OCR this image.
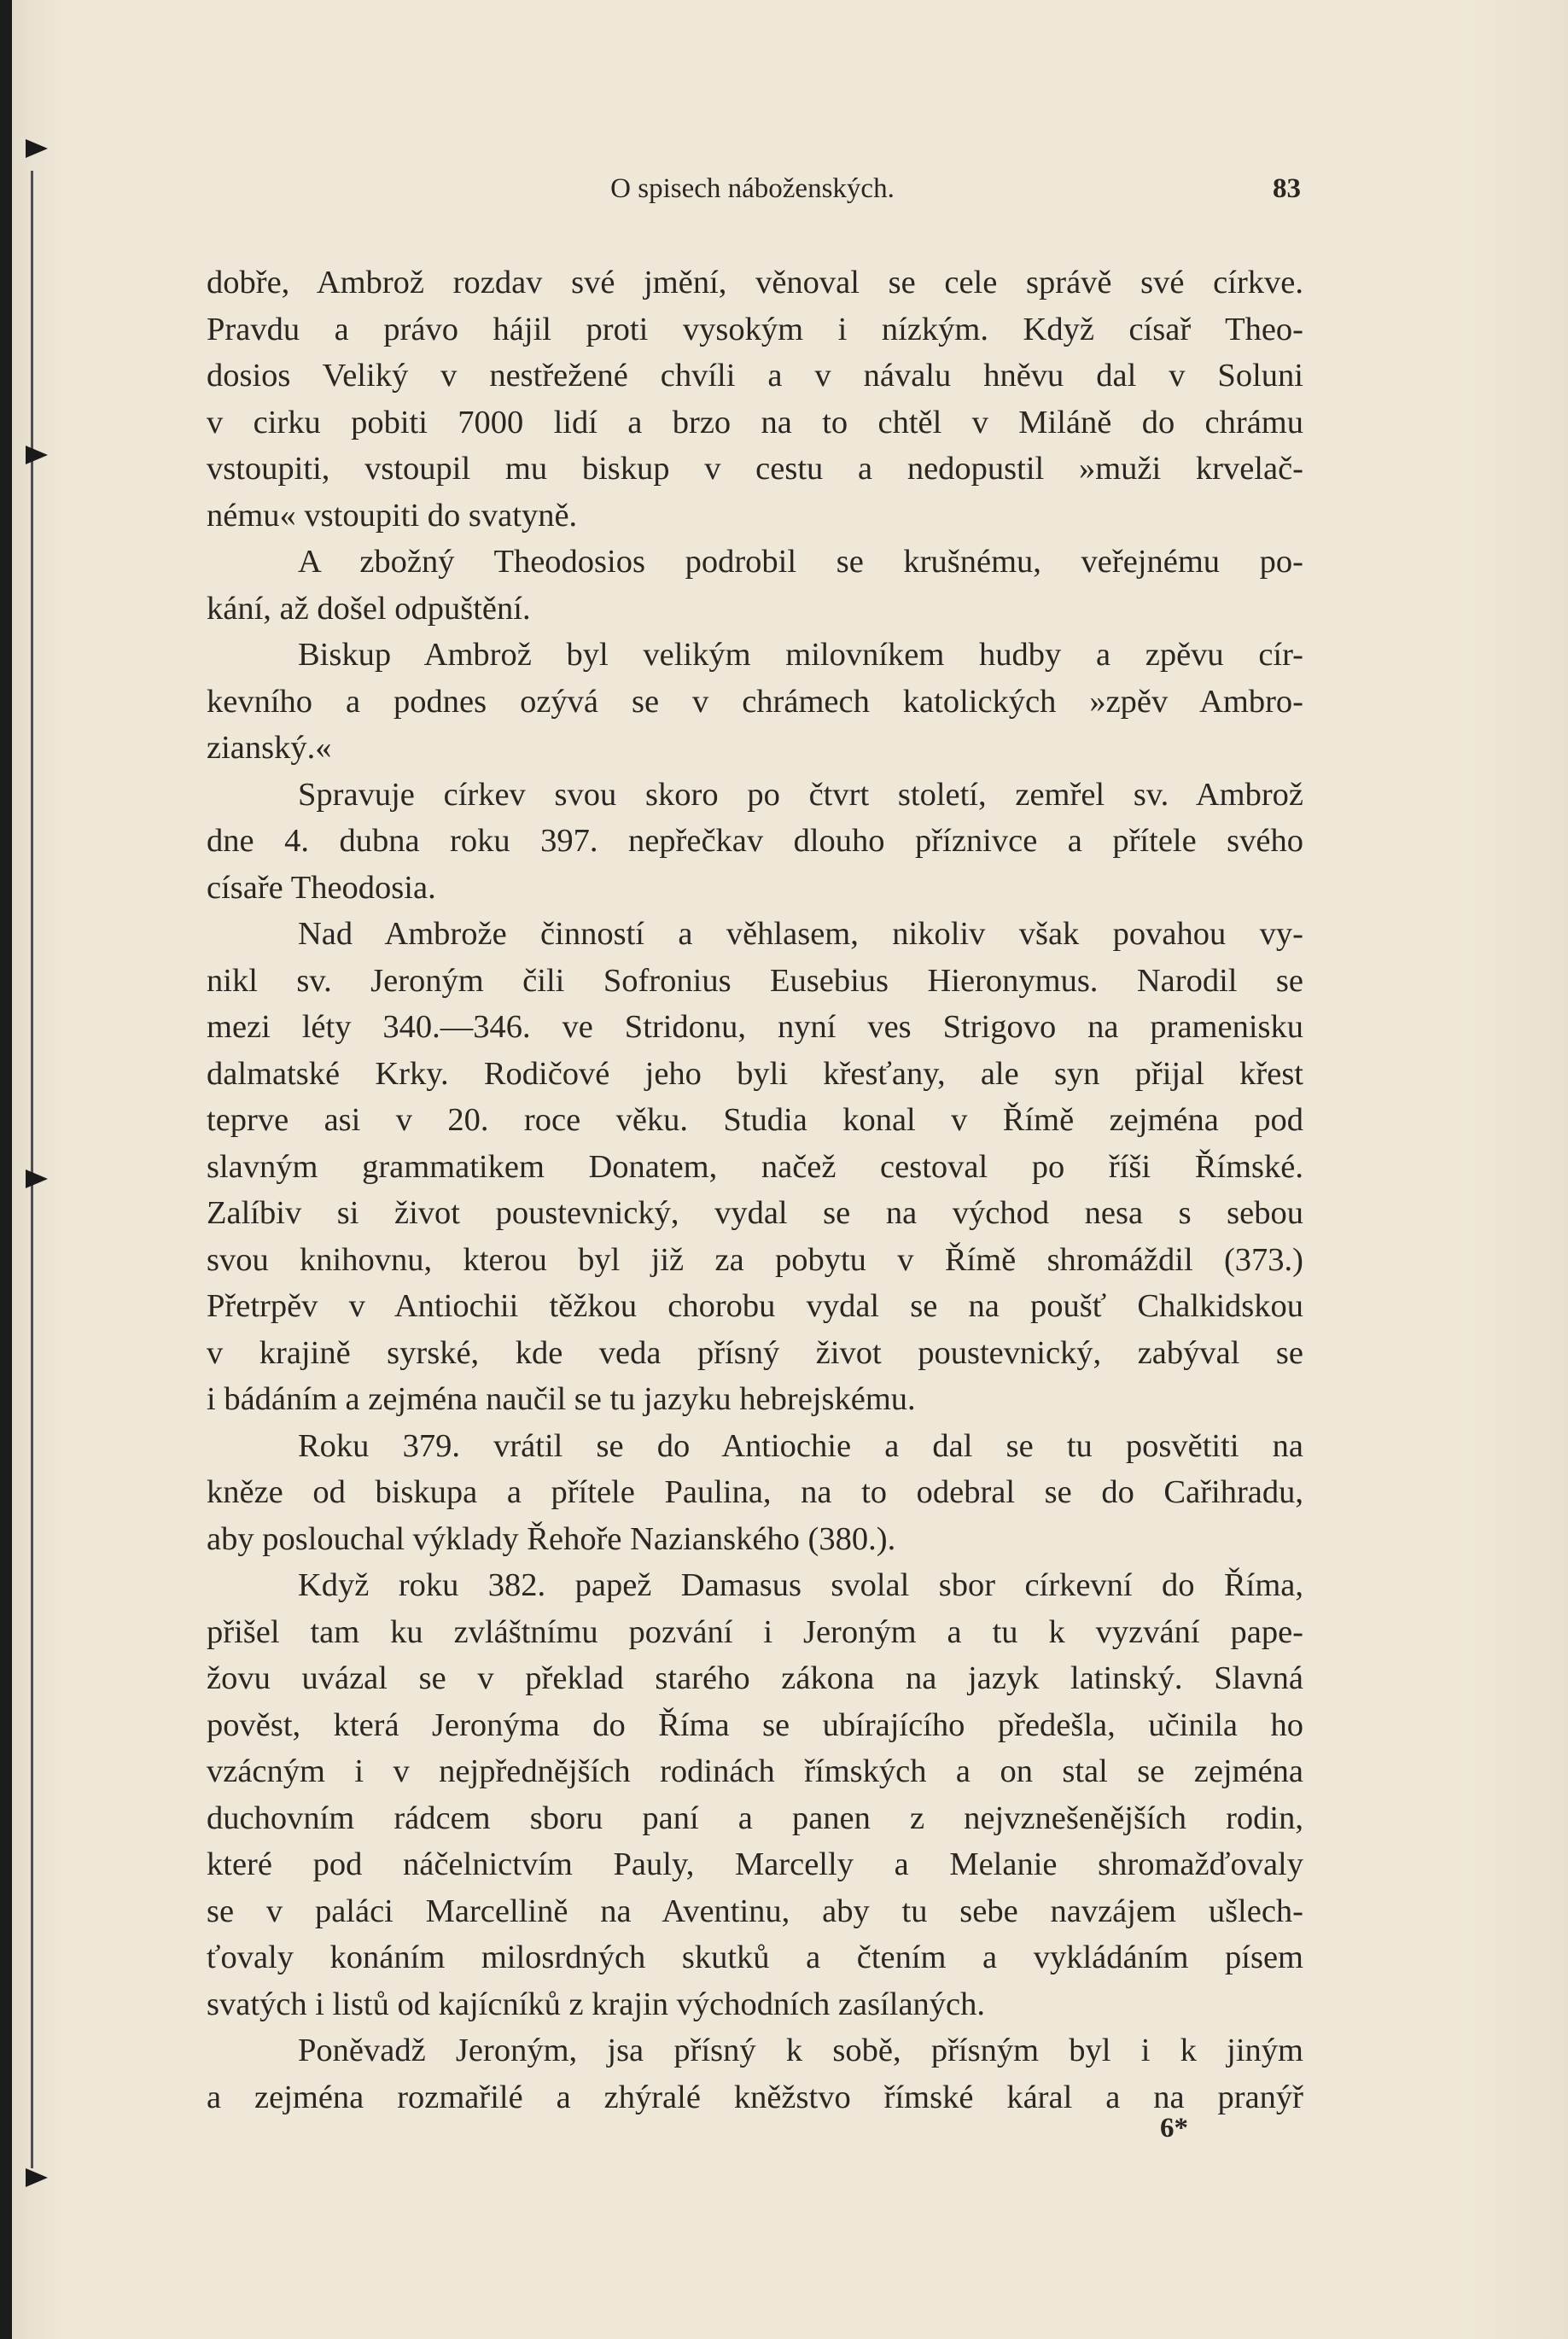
O spisech náboženských.	83
dobře, Ambrož rozdav své jmění, věnoval se cele správě své církve.
Pravdu a právo hájil proti vysokým i nízkým. Když císař Theo-
dosios Veliký v nestřežené chvíli a v návalu hněvu dal v Soluni
v cirku pobiti 7000 lidí a brzo na to chtěl v Miláně do chrámu
vstoupiti, vstoupil mu biskup v cestu a nedopustil »muži krvelač-
nému« vstoupiti do svatyně.
A zbožný Theodosios podrobil se krušnému, veřejnému po-
kání, až došel odpuštění.
Biskup Ambrož byl velikým milovníkem hudby a zpěvu cír-
kevního a podnes ozývá se v chrámech katolických »zpěv Ambro-
zianský.«
Spravuje církev svou skoro po čtvrt století, zemřel sv. Ambrož
dne 4. dubna roku 397. nepřečkav dlouho příznivce a přítele svého
císaře Theodosia.
Nad Ambrože činností a věhlasem, nikoliv však povahou vy-
nikl sv. Jeroným čili Sofronius Eusebius Hieronymus. Narodil se
mezi léty 340.—346. ve Stridonu, nyní ves Strigovo na pramenisku
dalmatské Krky. Rodičové jeho byli křesťany, ale syn přijal křest
teprve asi v 20. roce věku. Studia konal v Římě zejména pod
slavným grammatikem Donatem, načež cestoval po říši Římské.
Zalíbiv si život poustevnický, vydal se na východ nesa s sebou
svou knihovnu, kterou byl již za pobytu v Římě shromáždil (373.)
Přetrpěv v Antiochii těžkou chorobu vydal se na poušť Chalkidskou
v krajině syrské, kde veda přísný život poustevnický, zabýval se
i bádáním a zejména naučil se tu jazyku hebrejskému.
Roku 379. vrátil se do Antiochie a dal se tu posvětiti na
kněze od biskupa a přítele Paulina, na to odebral se do Cařihradu,
aby poslouchal výklady Řehoře Nazianského (380.).
Když roku 382. papež Damasus svolal sbor církevní do Říma,
přišel tam ku zvláštnímu pozvání i Jeroným a tu k vyzvání pape-
žovu uvázal se v překlad starého zákona na jazyk latinský. Slavná
pověst, která Jeronýma do Říma se ubírajícího předešla, učinila ho
vzácným i v nejpřednějších rodinách římských a on stal se zejména
duchovním rádcem sboru paní a panen z nejvznešenějších rodin,
které pod náčelnictvím Pauly, Marcelly a Melanie shromažďovaly
se v paláci Marcellině na Aventinu, aby tu sebe navzájem ušlech-
ťovaly konáním milosrdných skutků a čtením a vykládáním písem
svatých i listů od kajícníků z krajin východních zasílaných.
Poněvadž Jeroným, jsa přísný k sobě, přísným byl i k jiným
a zejména rozmařilé a zhýralé kněžstvo římské káral a na pranýř
6*
